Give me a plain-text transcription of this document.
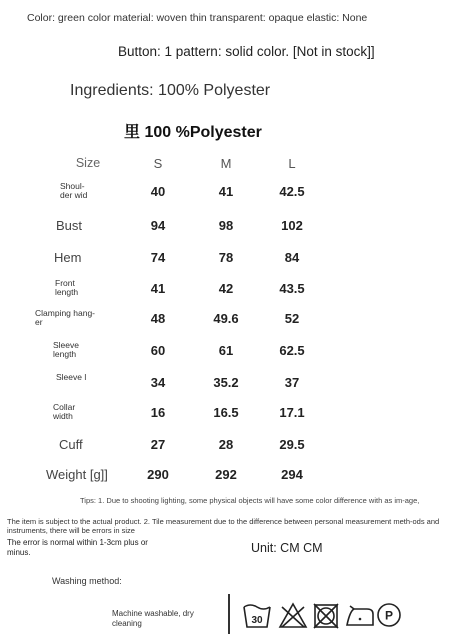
Color: green color material: woven thin transparent: opaque elastic: None
Button: 1 pattern: solid color. [Not in stock]]
Ingredients: 100% Polyester
里 100 %Polyester
Size	S	M	L
Shoul-
der wid	40	41	42.5
Bust	94	98	102
Hem	74	78	84
Front
length	41	42	43.5
Clamping hang-
er	48	49.6	52
Sleeve
length	60	61	62.5
Sleeve l	34	35.2	37
Collar
width	16	16.5	17.1
Cuff	27	28	29.5
Weight [g]]	290	292	294
Tips: 1. Due to shooting lighting, some physical objects will have some color difference with as im-age,
The item is subject to the actual product. 2. Tile measurement due to the difference between personal measurement meth-ods and instruments, there will be errors in size
The error is normal within 1-3cm plus or minus.	Unit: CM CM
Washing method:
Machine washable, dry cleaning	30	P
